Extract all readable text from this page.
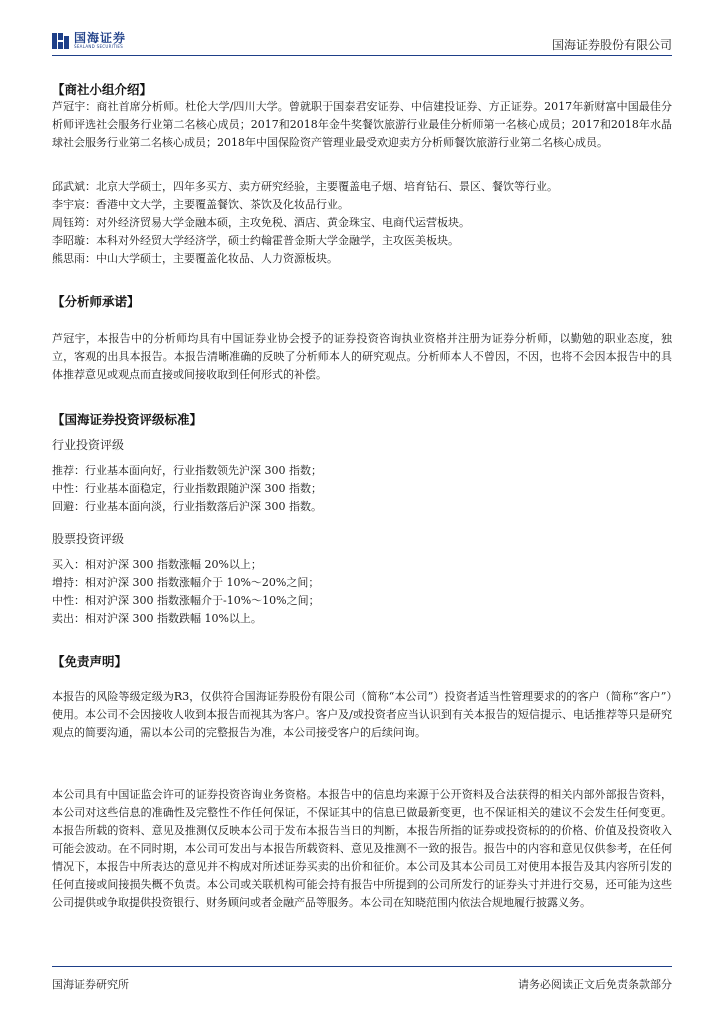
国海证券
SEALAND SECURITIES	国海证券股份有限公司
【商社小组介绍】

芦冠宇：商社首席分析师。杜伦大学/四川大学。曾就职于国泰君安证券、中信建投证券、方正证券。2017年新财富中国最佳分析师评选社会服务行业第二名核心成员；2017和2018年金牛奖餐饮旅游行业最佳分析师第一名核心成员；2017和2018年水晶球社会服务行业第二名核心成员；2018年中国保险资产管理业最受欢迎卖方分析师餐饮旅游行业第二名核心成员。

邱武斌：北京大学硕士，四年多买方、卖方研究经验，主要覆盖电子烟、培育钻石、景区、餐饮等行业。

李宇宸：香港中文大学，主要覆盖餐饮、茶饮及化妆品行业。

周钰筠：对外经济贸易大学金融本硕，主攻免税、酒店、黄金珠宝、电商代运营板块。

李昭璇：本科对外经贸大学经济学，硕士约翰霍普金斯大学金融学，主攻医美板块。

熊思雨：中山大学硕士，主要覆盖化妆品、人力资源板块。

【分析师承诺】

芦冠宇，本报告中的分析师均具有中国证券业协会授予的证券投资咨询执业资格并注册为证券分析师，以勤勉的职业态度，独立，客观的出具本报告。本报告清晰准确的反映了分析师本人的研究观点。分析师本人不曾因，不因，也将不会因本报告中的具体推荐意见或观点而直接或间接收取到任何形式的补偿。

【国海证券投资评级标准】
行业投资评级
推荐：行业基本面向好，行业指数领先沪深 300 指数；
中性：行业基本面稳定，行业指数跟随沪深 300 指数；
回避：行业基本面向淡，行业指数落后沪深 300 指数。
股票投资评级
买入：相对沪深 300 指数涨幅 20%以上；
增持：相对沪深 300 指数涨幅介于 10%～20%之间；
中性：相对沪深 300 指数涨幅介于-10%～10%之间；
卖出：相对沪深 300 指数跌幅 10%以上。
【免责声明】

本报告的风险等级定级为R3，仅供符合国海证券股份有限公司（简称“本公司”）投资者适当性管理要求的的客户（简称“客户”）使用。本公司不会因接收人收到本报告而视其为客户。客户及/或投资者应当认识到有关本报告的短信提示、电话推荐等只是研究观点的简要沟通，需以本公司的完整报告为准，本公司接受客户的后续问询。

本公司具有中国证监会许可的证券投资咨询业务资格。本报告中的信息均来源于公开资料及合法获得的相关内部外部报告资料，本公司对这些信息的准确性及完整性不作任何保证，不保证其中的信息已做最新变更，也不保证相关的建议不会发生任何变更。本报告所载的资料、意见及推测仅反映本公司于发布本报告当日的判断，本报告所指的证券或投资标的的价格、价值及投资收入可能会波动。在不同时期，本公司可发出与本报告所载资料、意见及推测不一致的报告。报告中的内容和意见仅供参考，在任何情况下，本报告中所表达的意见并不构成对所述证券买卖的出价和征价。本公司及其本公司员工对使用本报告及其内容所引发的任何直接或间接损失概不负责。本公司或关联机构可能会持有报告中所提到的公司所发行的证券头寸并进行交易，还可能为这些公司提供或争取提供投资银行、财务顾问或者金融产品等服务。本公司在知晓范围内依法合规地履行披露义务。

国海证券研究所	请务必阅读正文后免责条款部分
